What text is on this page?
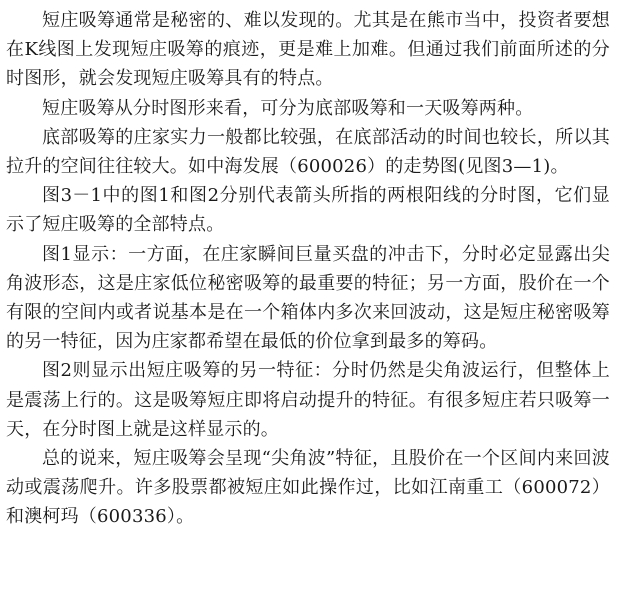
短庄吸筹通常是秘密的、难以发现的。尤其是在熊市当中，投资者要想在K线图上发现短庄吸筹的痕迹，更是难上加难。但通过我们前面所述的分时图形，就会发现短庄吸筹具有的特点。

短庄吸筹从分时图形来看，可分为底部吸筹和一天吸筹两种。

底部吸筹的庄家实力一般都比较强，在底部活动的时间也较长，所以其拉升的空间往往较大。如中海发展（600026）的走势图(见图3—1)。

图3－1中的图1和图2分别代表箭头所指的两根阳线的分时图，它们显示了短庄吸筹的全部特点。

图1显示：一方面，在庄家瞬间巨量买盘的冲击下，分时必定显露出尖角波形态，这是庄家低位秘密吸筹的最重要的特征；另一方面，股价在一个有限的空间内或者说基本是在一个箱体内多次来回波动，这是短庄秘密吸筹的另一特征，因为庄家都希望在最低的价位拿到最多的筹码。

图2则显示出短庄吸筹的另一特征：分时仍然是尖角波运行，但整体上是震荡上行的。这是吸筹短庄即将启动提升的特征。有很多短庄若只吸筹一天，在分时图上就是这样显示的。

总的说来，短庄吸筹会呈现“尖角波”特征，且股价在一个区间内来回波动或震荡爬升。许多股票都被短庄如此操作过，比如江南重工（600072）和澳柯玛（600336）。
